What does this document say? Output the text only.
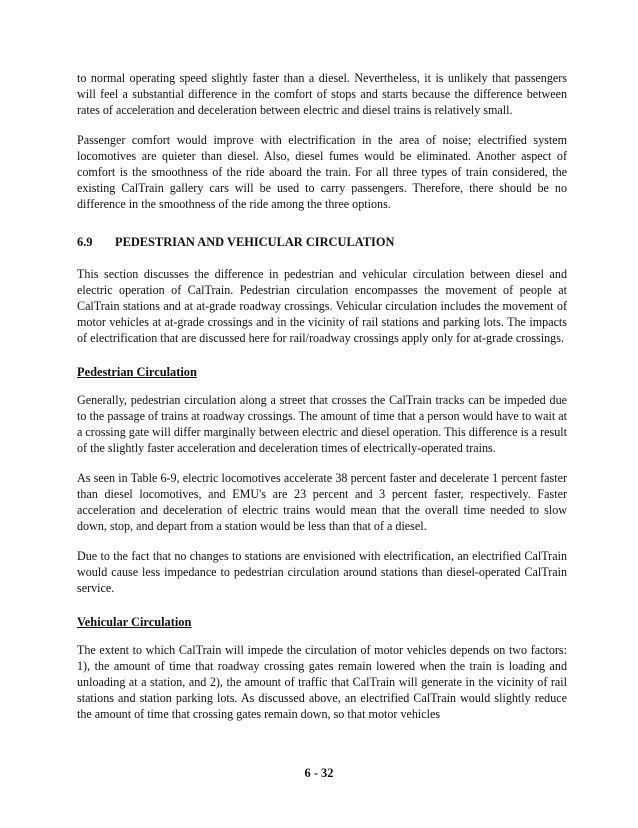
to normal operating speed slightly faster than a diesel. Nevertheless, it is unlikely that passengers will feel a substantial difference in the comfort of stops and starts because the difference between rates of acceleration and deceleration between electric and diesel trains is relatively small.

Passenger comfort would improve with electrification in the area of noise; electrified system locomotives are quieter than diesel. Also, diesel fumes would be eliminated. Another aspect of comfort is the smoothness of the ride aboard the train. For all three types of train considered, the existing CalTrain gallery cars will be used to carry passengers. Therefore, there should be no difference in the smoothness of the ride among the three options.

6.9	PEDESTRIAN AND VEHICULAR CIRCULATION

This section discusses the difference in pedestrian and vehicular circulation between diesel and electric operation of CalTrain. Pedestrian circulation encompasses the movement of people at CalTrain stations and at at-grade roadway crossings. Vehicular circulation includes the movement of motor vehicles at at-grade crossings and in the vicinity of rail stations and parking lots. The impacts of electrification that are discussed here for rail/roadway crossings apply only for at-grade crossings.

Pedestrian Circulation

Generally, pedestrian circulation along a street that crosses the CalTrain tracks can be impeded due to the passage of trains at roadway crossings. The amount of time that a person would have to wait at a crossing gate will differ marginally between electric and diesel operation. This difference is a result of the slightly faster acceleration and deceleration times of electrically-operated trains.

As seen in Table 6-9, electric locomotives accelerate 38 percent faster and decelerate 1 percent faster than diesel locomotives, and EMU's are 23 percent and 3 percent faster, respectively. Faster acceleration and deceleration of electric trains would mean that the overall time needed to slow down, stop, and depart from a station would be less than that of a diesel.

Due to the fact that no changes to stations are envisioned with electrification, an electrified CalTrain would cause less impedance to pedestrian circulation around stations than diesel-operated CalTrain service.

Vehicular Circulation

The extent to which CalTrain will impede the circulation of motor vehicles depends on two factors: 1), the amount of time that roadway crossing gates remain lowered when the train is loading and unloading at a station, and 2), the amount of traffic that CalTrain will generate in the vicinity of rail stations and station parking lots. As discussed above, an electrified CalTrain would slightly reduce the amount of time that crossing gates remain down, so that motor vehicles

6 - 32
